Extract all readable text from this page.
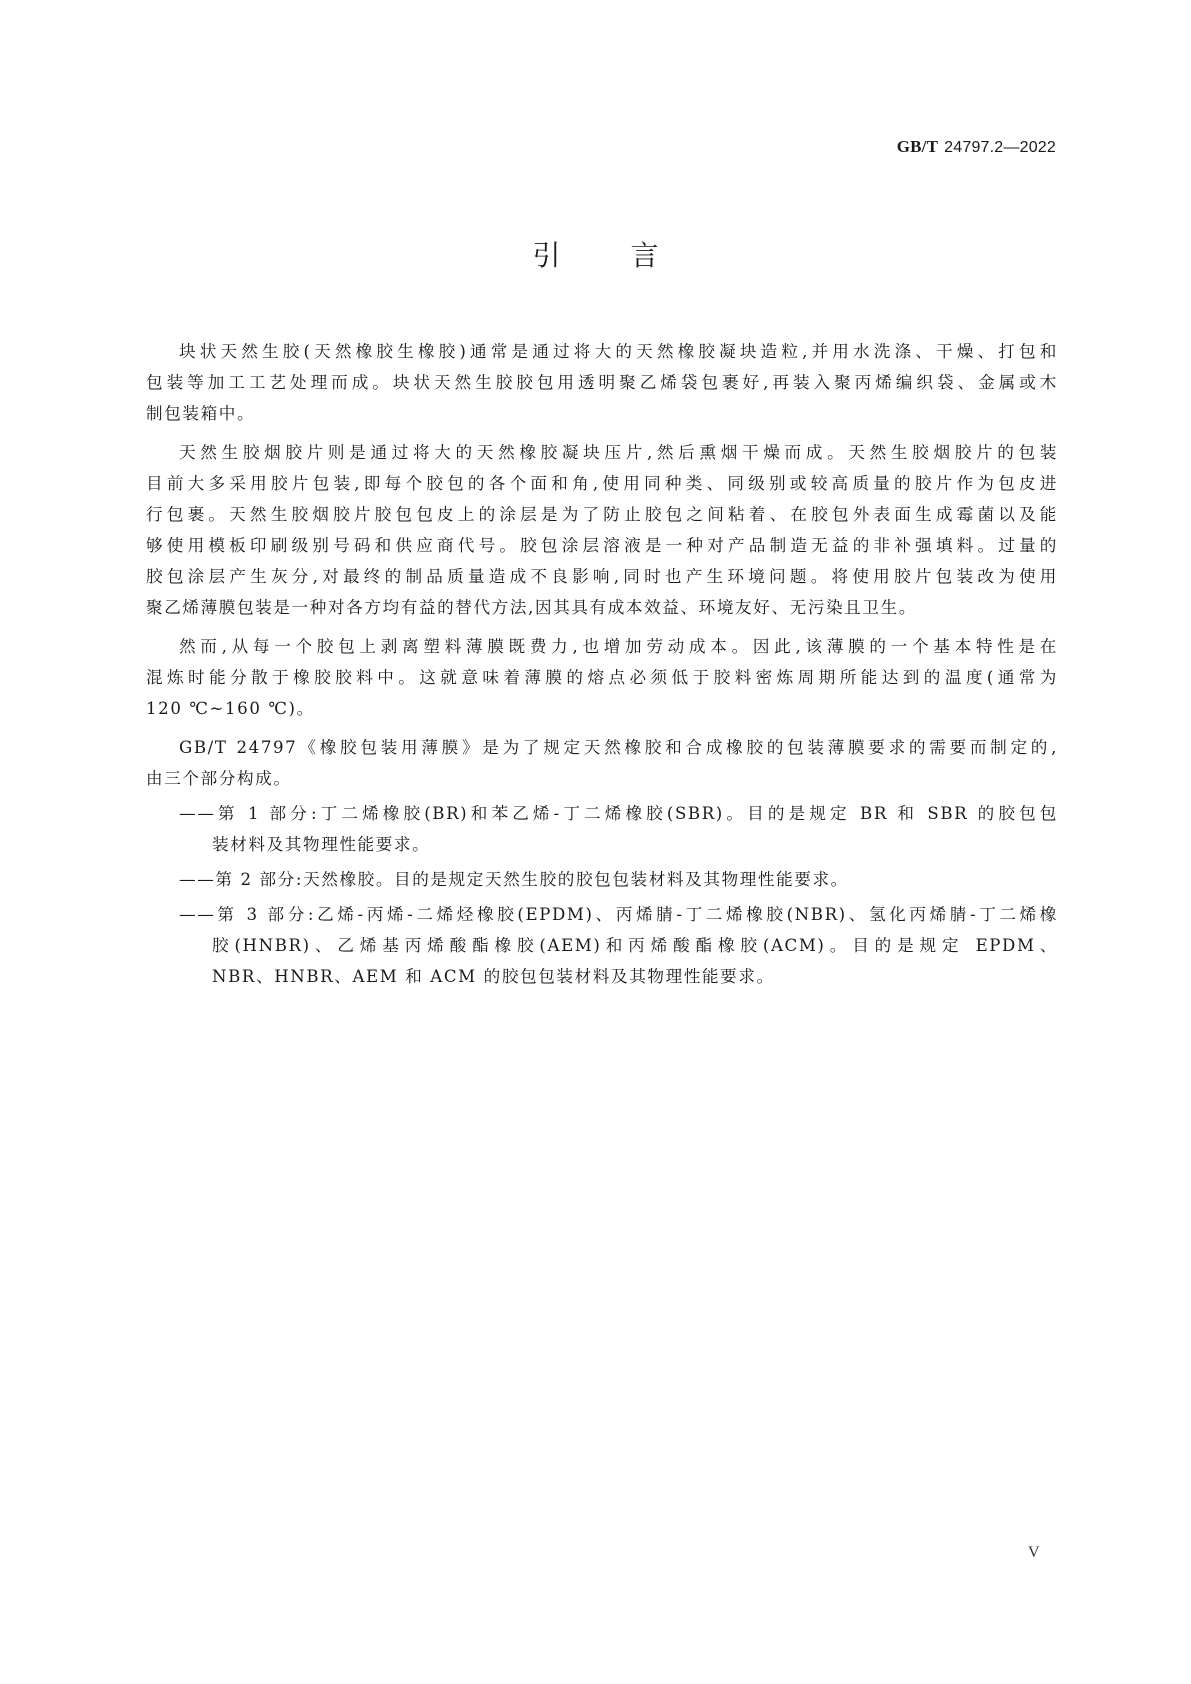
GB/T 24797.2—2022
引	言
块状天然生胶(天然橡胶生橡胶)通常是通过将大的天然橡胶凝块造粒,并用水洗涤、干燥、打包和
包装等加工工艺处理而成。块状天然生胶胶包用透明聚乙烯袋包裹好,再装入聚丙烯编织袋、金属或木
制包装箱中。
天然生胶烟胶片则是通过将大的天然橡胶凝块压片,然后熏烟干燥而成。天然生胶烟胶片的包装
目前大多采用胶片包装,即每个胶包的各个面和角,使用同种类、同级别或较高质量的胶片作为包皮进
行包裹。天然生胶烟胶片胶包包皮上的涂层是为了防止胶包之间粘着、在胶包外表面生成霉菌以及能
够使用模板印刷级别号码和供应商代号。胶包涂层溶液是一种对产品制造无益的非补强填料。过量的
胶包涂层产生灰分,对最终的制品质量造成不良影响,同时也产生环境问题。将使用胶片包装改为使用
聚乙烯薄膜包装是一种对各方均有益的替代方法,因其具有成本效益、环境友好、无污染且卫生。
然而,从每一个胶包上剥离塑料薄膜既费力,也增加劳动成本。因此,该薄膜的一个基本特性是在
混炼时能分散于橡胶胶料中。这就意味着薄膜的熔点必须低于胶料密炼周期所能达到的温度(通常为
120 ℃~160 ℃)。
GB/T 24797《橡胶包装用薄膜》是为了规定天然橡胶和合成橡胶的包装薄膜要求的需要而制定的,
由三个部分构成。
——第 1 部分:丁二烯橡胶(BR)和苯乙烯-丁二烯橡胶(SBR)。目的是规定 BR 和 SBR 的胶包包
装材料及其物理性能要求。
——第 2 部分:天然橡胶。目的是规定天然生胶的胶包包装材料及其物理性能要求。
——第 3 部分:乙烯-丙烯-二烯烃橡胶(EPDM)、丙烯腈-丁二烯橡胶(NBR)、氢化丙烯腈-丁二烯橡
胶(HNBR)、乙烯基丙烯酸酯橡胶(AEM)和丙烯酸酯橡胶(ACM)。目的是规定 EPDM、
NBR、HNBR、AEM 和 ACM 的胶包包装材料及其物理性能要求。
V
